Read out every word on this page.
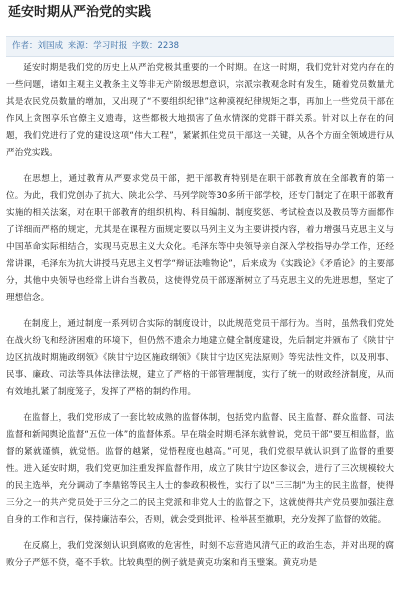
延安时期从严治党的实践
作者：刘国成 来源：学习时报 字数：2238

延安时期是我们党的历史上从严治党极其重要的一个时期。在这一时期，我们党针对党内存在的一些问题，诸如主观主义教条主义等非无产阶级思想意识，宗派宗教观念时有发生，随着党员数量尤其是农民党员数量的增加，又出现了“不要组织纪律”这种漠视纪律规矩之事，再加上一些党员干部在作风上贪图享乐官僚主义遗毒，这些都极大地损害了鱼水情深的党群干群关系。针对以上存在的问题，我们党进行了党的建设这项“伟大工程”，紧紧抓住党员干部这一关键，从各个方面全领域进行从严治党实践。

在思想上，通过教育从严要求党员干部，把干部教育特别是在职干部教育放在全部教育的第一位。为此，我们党创办了抗大、陕北公学、马列学院等30多所干部学校，还专门制定了在职干部教育实施的相关法案，对在职干部教育的组织机构、科目编制、制度奖惩、考试检查以及教员等方面都作了详细而严格的规定，尤其是在课程方面规定要以马列主义为主要讲授内容，着力增强马克思主义与中国革命实际相结合，实现马克思主义大众化。毛泽东等中央领导亲自深入学校指导办学工作，还经常讲课，毛泽东为抗大讲授马克思主义哲学“辩证法唯物论”，后来成为《实践论》《矛盾论》的主要部分，其他中央领导也经常上讲台当教员，这使得党员干部逐渐树立了马克思主义的先进思想，坚定了理想信念。

在制度上，通过制度一系列切合实际的制度设计，以此规范党员干部行为。当时，虽然我们党处在战火纷飞和经济困难的环境下，但仍然不遗余力地建立健全制度建设，先后制定并颁布了《陕甘宁边区抗战时期施政纲领》《陕甘宁边区施政纲领》《陕甘宁边区宪法原则》等宪法性文件，以及刑事、民事、廉政、司法等具体法律法规，建立了严格的干部管理制度，实行了统一的财政经济制度，从而有效地扎紧了制度笼子，发挥了严格的制约作用。

在监督上，我们党形成了一套比较成熟的监督体制，包括党内监督、民主监督、群众监督、司法监督和新闻舆论监督“五位一体”的监督体系。早在瑞金时期毛泽东就曾说，党员干部“要互相监督，监督的紧就谨慎，就觉悟。监督的越紧，觉悟程度也越高。”可见，我们党很早就认识到了监督的重要性。进入延安时期，我们党更加注重发挥监督作用，成立了陕甘宁边区参议会，进行了三次规模较大的民主选举，充分调动了李鼎铭等民主人士的参政积极性，实行了以“三三制”为主的民主监督，使得三分之一的共产党员处于三分之二的民主党派和非党人士的监督之下，这就使得共产党员要加强注意自身的工作和言行，保持廉洁奉公，否则，就会受到批评、检举甚至撤职，充分发挥了监督的效能。

在反腐上，我们党深刻认识到腐败的危害性，时刻不忘营造风清气正的政治生态，并对出现的腐败分子严惩不贷，毫不手软。比较典型的例子就是黄克功案和肖玉璧案。黄克功是
